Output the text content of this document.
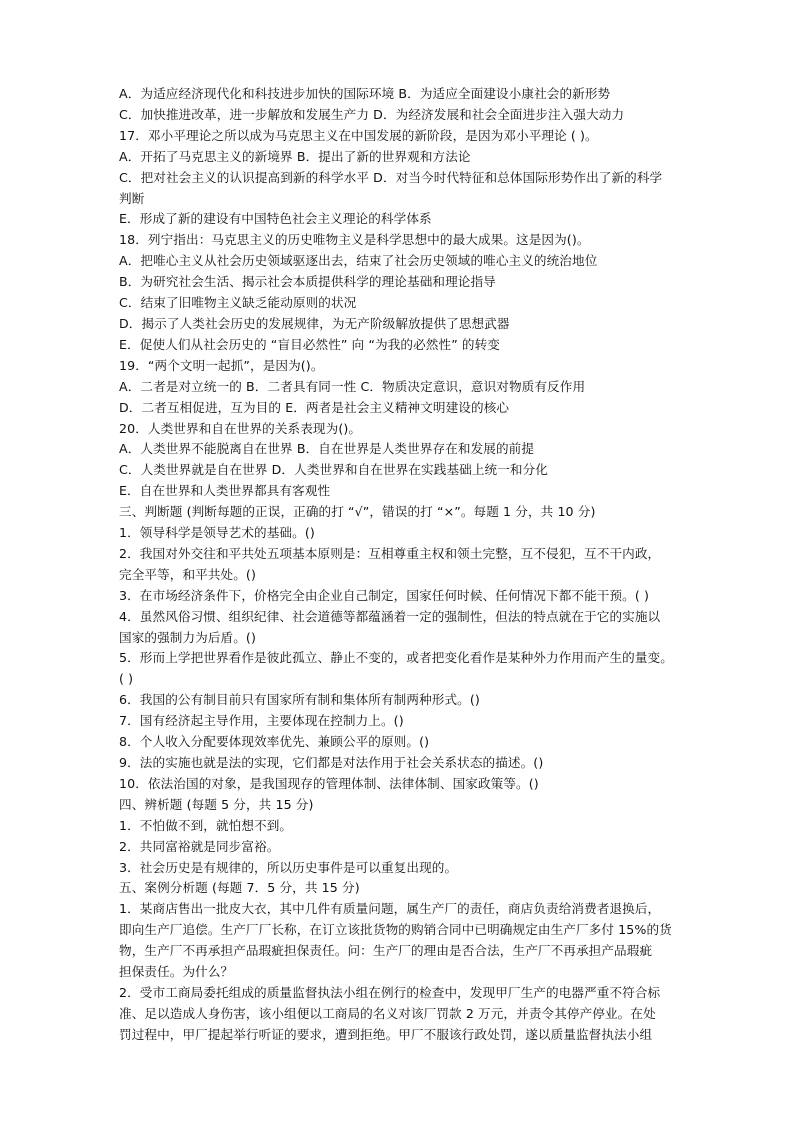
A．为适应经济现代化和科技进步加快的国际环境 B．为适应全面建设小康社会的新形势
C．加快推进改革，进一步解放和发展生产力 D．为经济发展和社会全面进步注入强大动力
17．邓小平理论之所以成为马克思主义在中国发展的新阶段，是因为邓小平理论 ( )。
A．开拓了马克思主义的新境界 B．提出了新的世界观和方法论
C．把对社会主义的认识提高到新的科学水平 D．对当今时代特征和总体国际形势作出了新的科学
判断
E．形成了新的建设有中国特色社会主义理论的科学体系
18．列宁指出：马克思主义的历史唯物主义是科学思想中的最大成果。这是因为()。
A．把唯心主义从社会历史领域驱逐出去，结束了社会历史领域的唯心主义的统治地位
B．为研究社会生活、揭示社会本质提供科学的理论基础和理论指导
C．结束了旧唯物主义缺乏能动原则的状况
D．揭示了人类社会历史的发展规律，为无产阶级解放提供了思想武器
E．促使人们从社会历史的 “盲目必然性” 向 “为我的必然性” 的转变
19．“两个文明一起抓”，是因为()。
A．二者是对立统一的 B．二者具有同一性 C．物质决定意识，意识对物质有反作用
D．二者互相促进，互为目的 E．两者是社会主义精神文明建设的核心
20．人类世界和自在世界的关系表现为()。
A．人类世界不能脱离自在世界 B．自在世界是人类世界存在和发展的前提
C．人类世界就是自在世界 D．人类世界和自在世界在实践基础上统一和分化
E．自在世界和人类世界都具有客观性
三、判断题 (判断每题的正误，正确的打 “√”，错误的打 “×”。每题 1 分，共 10 分)
1．领导科学是领导艺术的基础。()
2．我国对外交往和平共处五项基本原则是：互相尊重主权和领土完整，互不侵犯，互不干内政，
完全平等，和平共处。()
3．在市场经济条件下，价格完全由企业自己制定，国家任何时候、任何情况下都不能干预。( )
4．虽然风俗习惯、组织纪律、社会道德等都蕴涵着一定的强制性，但法的特点就在于它的实施以
国家的强制力为后盾。()
5．形而上学把世界看作是彼此孤立、静止不变的，或者把变化看作是某种外力作用而产生的量变。
( )
6．我国的公有制目前只有国家所有制和集体所有制两种形式。()
7．国有经济起主导作用，主要体现在控制力上。()
8．个人收入分配要体现效率优先、兼顾公平的原则。()
9．法的实施也就是法的实现，它们都是对法作用于社会关系状态的描述。()
10．依法治国的对象，是我国现存的管理体制、法律体制、国家政策等。()
四、辨析题 (每题 5 分，共 15 分)
1．不怕做不到，就怕想不到。
2．共同富裕就是同步富裕。
3．社会历史是有规律的，所以历史事件是可以重复出现的。
五、案例分析题 (每题 7．5 分，共 15 分)
1．某商店售出一批皮大衣，其中几件有质量问题，属生产厂的责任，商店负责给消费者退换后，
即向生产厂追偿。生产厂厂长称，在订立该批货物的购销合同中已明确规定由生产厂多付 15%的货
物，生产厂不再承担产品瑕疵担保责任。问：生产厂的理由是否合法，生产厂不再承担产品瑕疵
担保责任。为什么？
2．受市工商局委托组成的质量监督执法小组在例行的检查中，发现甲厂生产的电器严重不符合标
准、足以造成人身伤害，该小组便以工商局的名义对该厂罚款 2 万元，并责令其停产停业。在处
罚过程中，甲厂提起举行听证的要求，遭到拒绝。甲厂不服该行政处罚，遂以质量监督执法小组
